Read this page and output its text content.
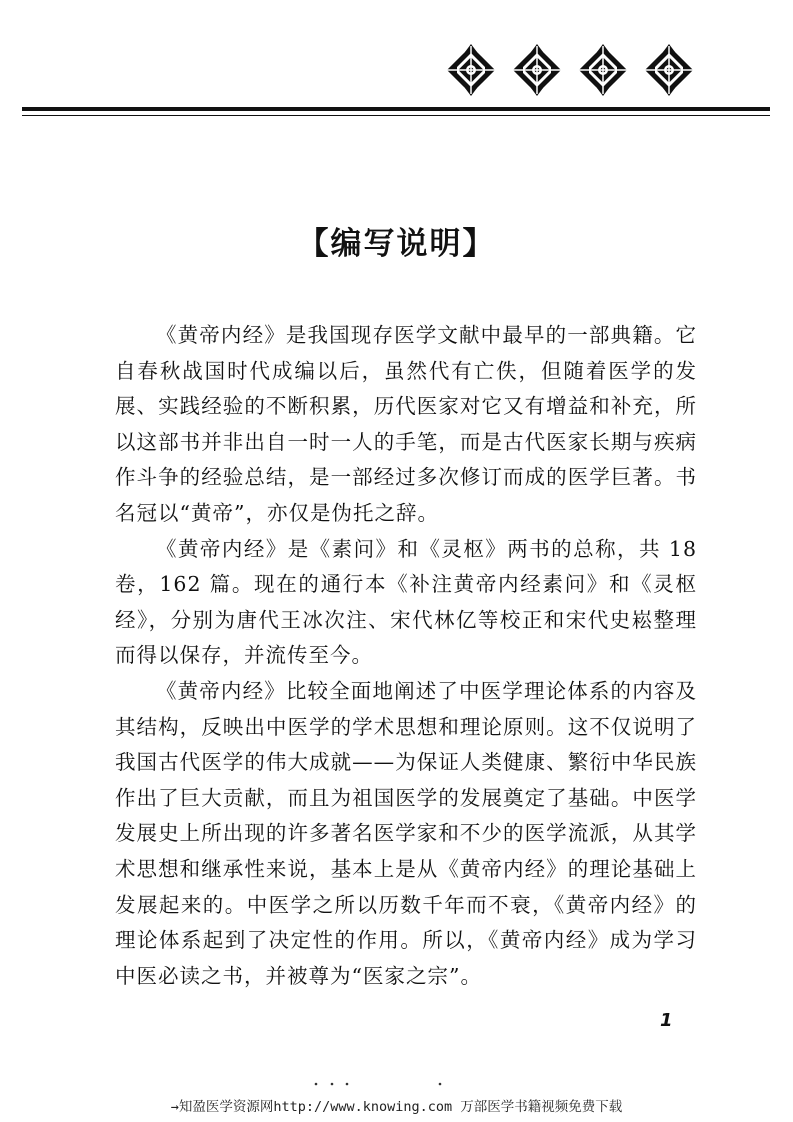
【编写说明】

《黄帝内经》是我国现存医学文献中最早的一部典籍。它自春秋战国时代成编以后，虽然代有亡佚，但随着医学的发展、实践经验的不断积累，历代医家对它又有增益和补充，所以这部书并非出自一时一人的手笔，而是古代医家长期与疾病作斗争的经验总结，是一部经过多次修订而成的医学巨著。书名冠以“黄帝”，亦仅是伪托之辞。

《黄帝内经》是《素问》和《灵枢》两书的总称，共 18 卷，162 篇。现在的通行本《补注黄帝内经素问》和《灵枢经》，分别为唐代王冰次注、宋代林亿等校正和宋代史崧整理而得以保存，并流传至今。

《黄帝内经》比较全面地阐述了中医学理论体系的内容及其结构，反映出中医学的学术思想和理论原则。这不仅说明了我国古代医学的伟大成就——为保证人类健康、繁衍中华民族作出了巨大贡献，而且为祖国医学的发展奠定了基础。中医学发展史上所出现的许多著名医学家和不少的医学流派，从其学术思想和继承性来说，基本上是从《黄帝内经》的理论基础上发展起来的。中医学之所以历数千年而不衰，《黄帝内经》的理论体系起到了决定性的作用。所以，《黄帝内经》成为学习中医必读之书，并被尊为“医家之宗”。

1
→知盈医学资源网http://www.knowing.com 万部医学书籍视频免费下载
